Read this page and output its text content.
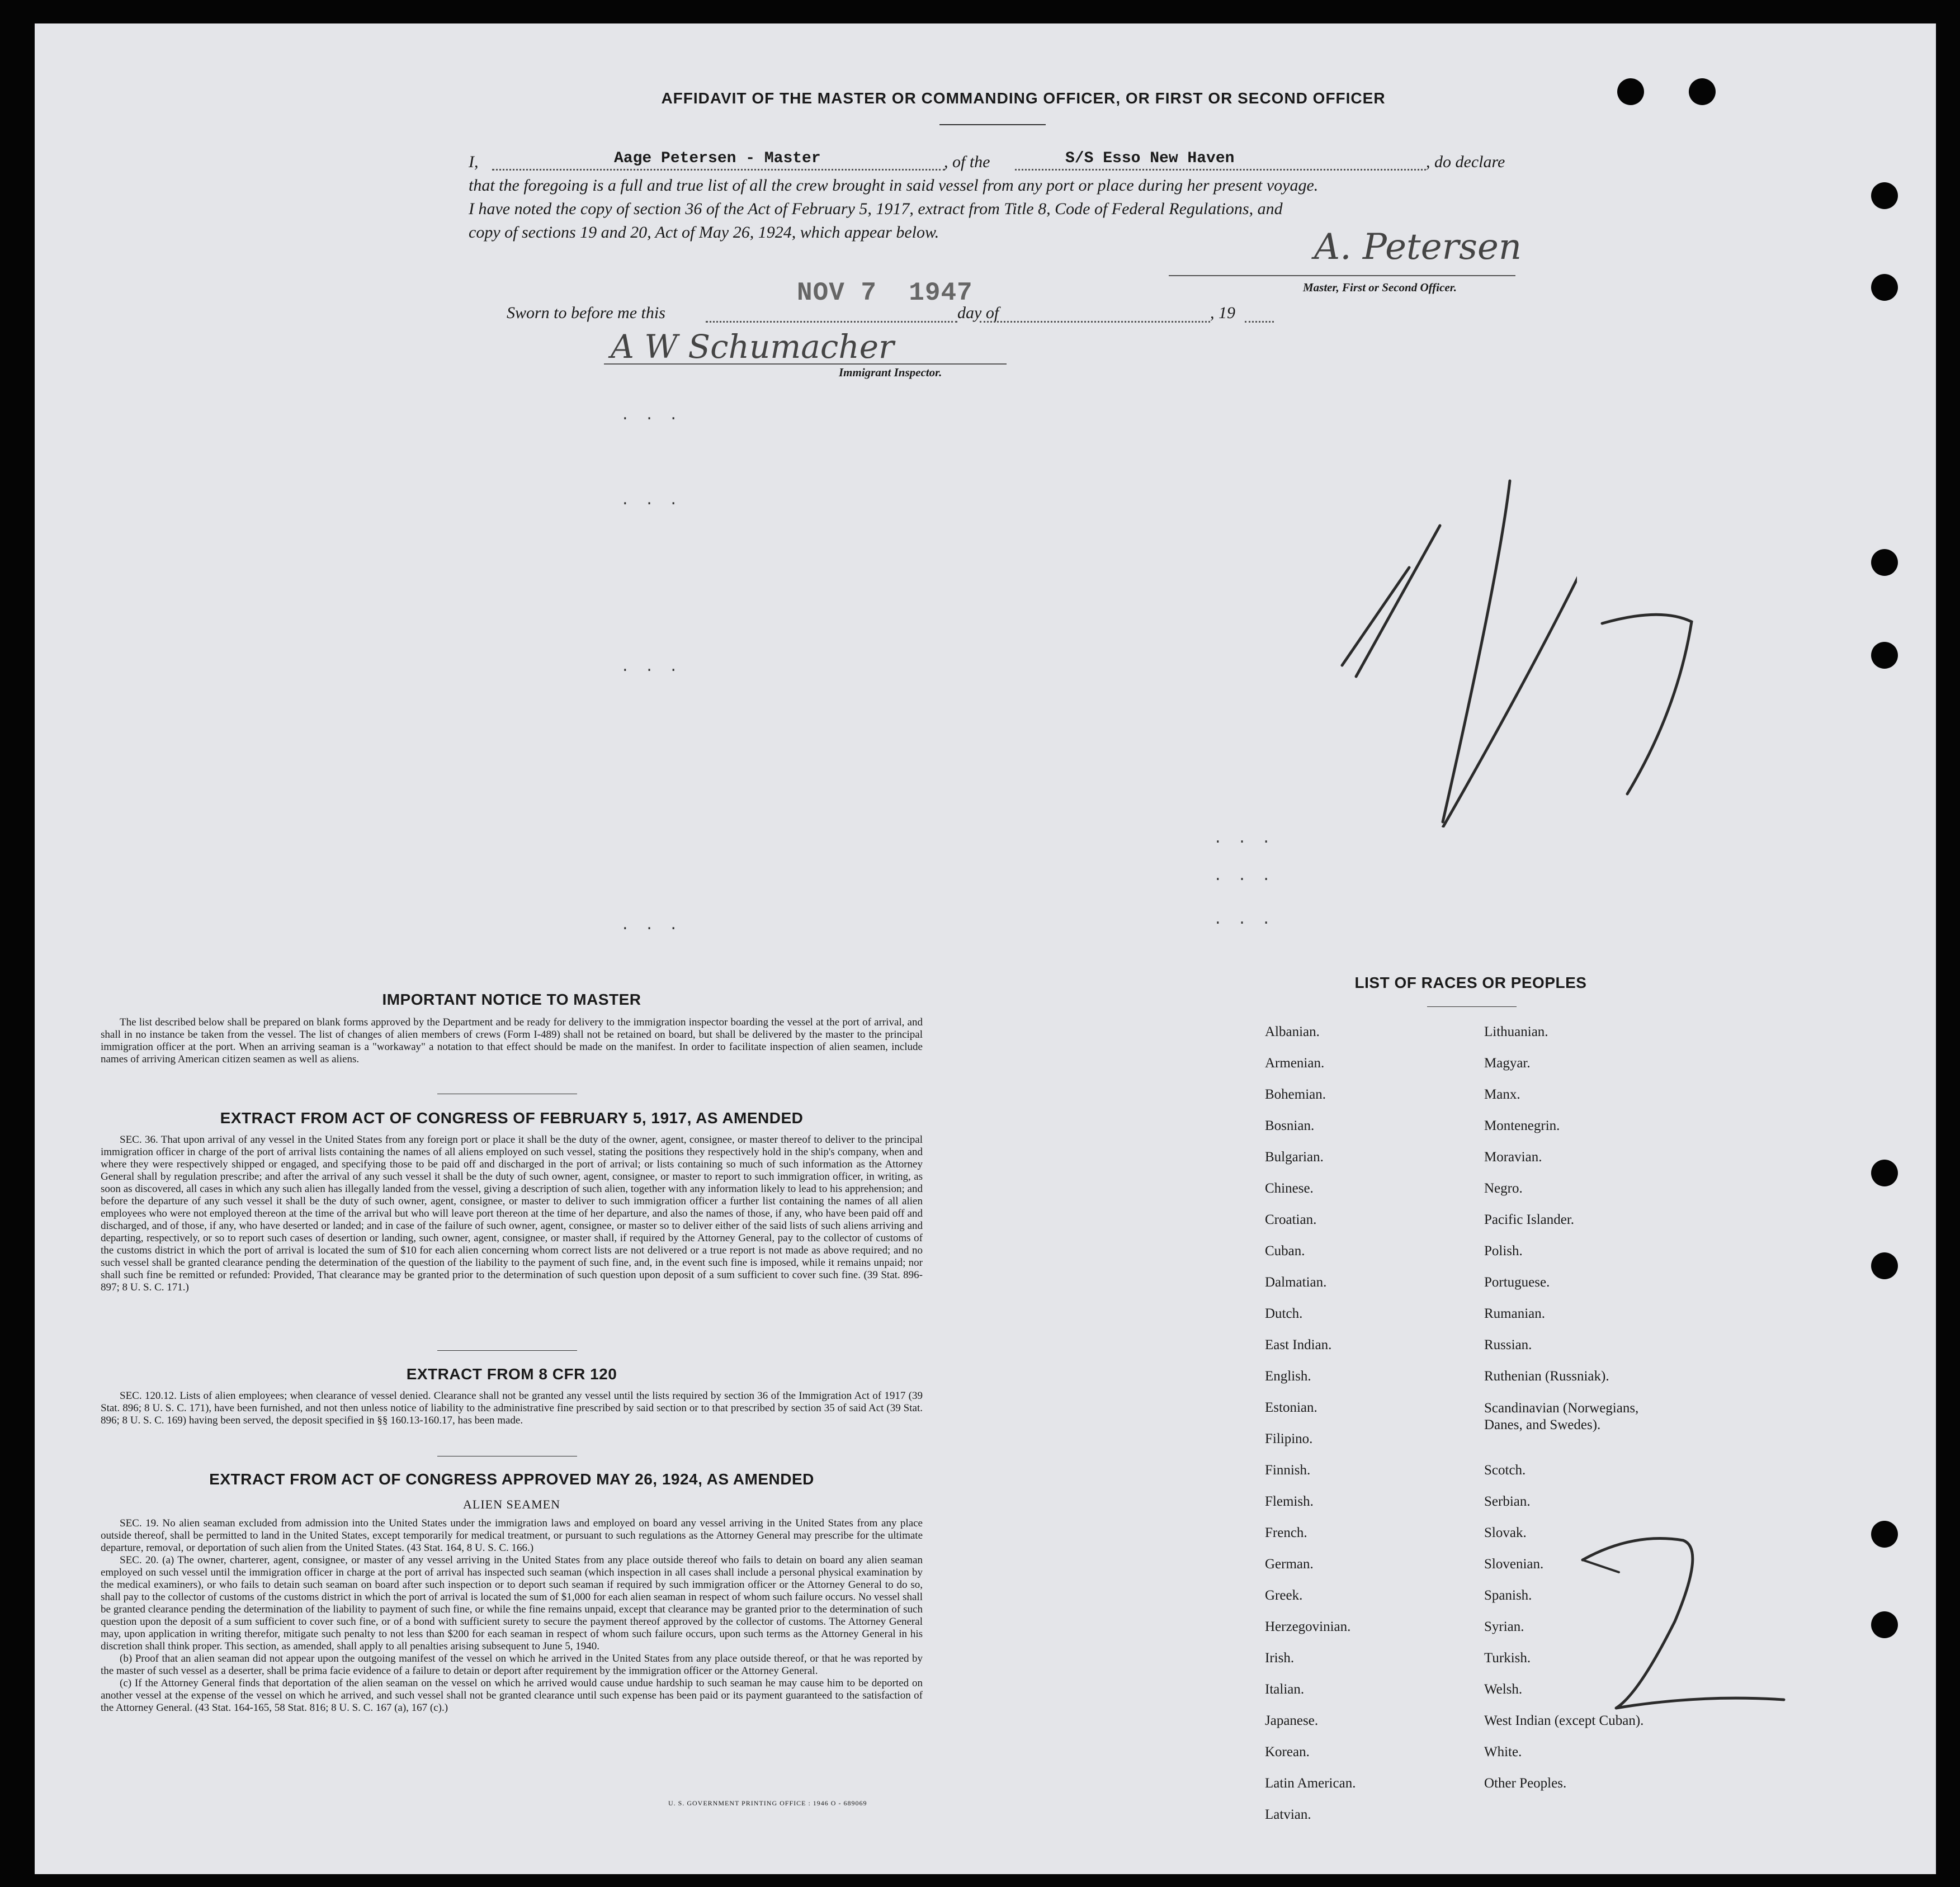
AFFIDAVIT OF THE MASTER OR COMMANDING OFFICER, OR FIRST OR SECOND OFFICER
I,	Aage Petersen - Master	, of the	S/S Esso New Haven	, do declare
that the foregoing is a full and true list of all the crew brought in said vessel from any port or place during her present voyage.
I have noted the copy of section 36 of the Act of February 5, 1917, extract from Title 8, Code of Federal Regulations, and
copy of sections 19 and 20, Act of May 26, 1924, which appear below.	A. Petersen
Master, First or Second Officer.
Sworn to before me this
NOV 7  1947
day of	, 19
A W Schumacher
Immigrant Inspector.
. . .
. . .
. . .
. . .
. . .
. . .
. . .
IMPORTANT NOTICE TO MASTER

The list described below shall be prepared on blank forms approved by the Department and be ready for delivery to the immigration inspector boarding the vessel at the port of arrival, and shall in no instance be taken from the vessel. The list of changes of alien members of crews (Form I-489) shall not be retained on board, but shall be delivered by the master to the principal immigration officer at the port. When an arriving seaman is a "workaway" a notation to that effect should be made on the manifest. In order to facilitate inspection of alien seamen, include names of arriving American citizen seamen as well as aliens.

EXTRACT FROM ACT OF CONGRESS OF FEBRUARY 5, 1917, AS AMENDED

SEC. 36. That upon arrival of any vessel in the United States from any foreign port or place it shall be the duty of the owner, agent, consignee, or master thereof to deliver to the principal immigration officer in charge of the port of arrival lists containing the names of all aliens employed on such vessel, stating the positions they respectively hold in the ship's company, when and where they were respectively shipped or engaged, and specifying those to be paid off and discharged in the port of arrival; or lists containing so much of such information as the Attorney General shall by regulation prescribe; and after the arrival of any such vessel it shall be the duty of such owner, agent, consignee, or master to report to such immigration officer, in writing, as soon as discovered, all cases in which any such alien has illegally landed from the vessel, giving a description of such alien, together with any information likely to lead to his apprehension; and before the departure of any such vessel it shall be the duty of such owner, agent, consignee, or master to deliver to such immigration officer a further list containing the names of all alien employees who were not employed thereon at the time of the arrival but who will leave port thereon at the time of her departure, and also the names of those, if any, who have been paid off and discharged, and of those, if any, who have deserted or landed; and in case of the failure of such owner, agent, consignee, or master so to deliver either of the said lists of such aliens arriving and departing, respectively, or so to report such cases of desertion or landing, such owner, agent, consignee, or master shall, if required by the Attorney General, pay to the collector of customs of the customs district in which the port of arrival is located the sum of $10 for each alien concerning whom correct lists are not delivered or a true report is not made as above required; and no such vessel shall be granted clearance pending the determination of the question of the liability to the payment of such fine, and, in the event such fine is imposed, while it remains unpaid; nor shall such fine be remitted or refunded: Provided, That clearance may be granted prior to the determination of such question upon deposit of a sum sufficient to cover such fine. (39 Stat. 896-897; 8 U. S. C. 171.)

EXTRACT FROM 8 CFR 120

SEC. 120.12. Lists of alien employees; when clearance of vessel denied. Clearance shall not be granted any vessel until the lists required by section 36 of the Immigration Act of 1917 (39 Stat. 896; 8 U. S. C. 171), have been furnished, and not then unless notice of liability to the administrative fine prescribed by said section or to that prescribed by section 35 of said Act (39 Stat. 896; 8 U. S. C. 169) having been served, the deposit specified in §§ 160.13-160.17, has been made.

EXTRACT FROM ACT OF CONGRESS APPROVED MAY 26, 1924, AS AMENDED
ALIEN SEAMEN

SEC. 19. No alien seaman excluded from admission into the United States under the immigration laws and employed on board any vessel arriving in the United States from any place outside thereof, shall be permitted to land in the United States, except temporarily for medical treatment, or pursuant to such regulations as the Attorney General may prescribe for the ultimate departure, removal, or deportation of such alien from the United States. (43 Stat. 164, 8 U. S. C. 166.)

SEC. 20. (a) The owner, charterer, agent, consignee, or master of any vessel arriving in the United States from any place outside thereof who fails to detain on board any alien seaman employed on such vessel until the immigration officer in charge at the port of arrival has inspected such seaman (which inspection in all cases shall include a personal physical examination by the medical examiners), or who fails to detain such seaman on board after such inspection or to deport such seaman if required by such immigration officer or the Attorney General to do so, shall pay to the collector of customs of the customs district in which the port of arrival is located the sum of $1,000 for each alien seaman in respect of whom such failure occurs. No vessel shall be granted clearance pending the determination of the liability to payment of such fine, or while the fine remains unpaid, except that clearance may be granted prior to the determination of such question upon the deposit of a sum sufficient to cover such fine, or of a bond with sufficient surety to secure the payment thereof approved by the collector of customs. The Attorney General may, upon application in writing therefor, mitigate such penalty to not less than $200 for each seaman in respect of whom such failure occurs, upon such terms as the Attorney General in his discretion shall think proper. This section, as amended, shall apply to all penalties arising subsequent to June 5, 1940.

(b) Proof that an alien seaman did not appear upon the outgoing manifest of the vessel on which he arrived in the United States from any place outside thereof, or that he was reported by the master of such vessel as a deserter, shall be prima facie evidence of a failure to detain or deport after requirement by the immigration officer or the Attorney General.

(c) If the Attorney General finds that deportation of the alien seaman on the vessel on which he arrived would cause undue hardship to such seaman he may cause him to be deported on another vessel at the expense of the vessel on which he arrived, and such vessel shall not be granted clearance until such expense has been paid or its payment guaranteed to the satisfaction of the Attorney General. (43 Stat. 164-165, 58 Stat. 816; 8 U. S. C. 167 (a), 167 (c).)

U. S. GOVERNMENT PRINTING OFFICE : 1946 O - 689069
LIST OF RACES OR PEOPLES
Albanian.
Armenian.
Bohemian.
Bosnian.
Bulgarian.
Chinese.
Croatian.
Cuban.
Dalmatian.
Dutch.
East Indian.
English.
Estonian.
Filipino.
Finnish.
Flemish.
French.
German.
Greek.
Herzegovinian.
Irish.
Italian.
Japanese.
Korean.
Latin American.
Latvian.
Lithuanian.
Magyar.
Manx.
Montenegrin.
Moravian.
Negro.
Pacific Islander.
Polish.
Portuguese.
Rumanian.
Russian.
Ruthenian (Russniak).
Scandinavian (Norwegians, Danes, and Swedes).
Scotch.
Serbian.
Slovak.
Slovenian.
Spanish.
Syrian.
Turkish.
Welsh.
West Indian (except Cuban).
White.
Other Peoples.
